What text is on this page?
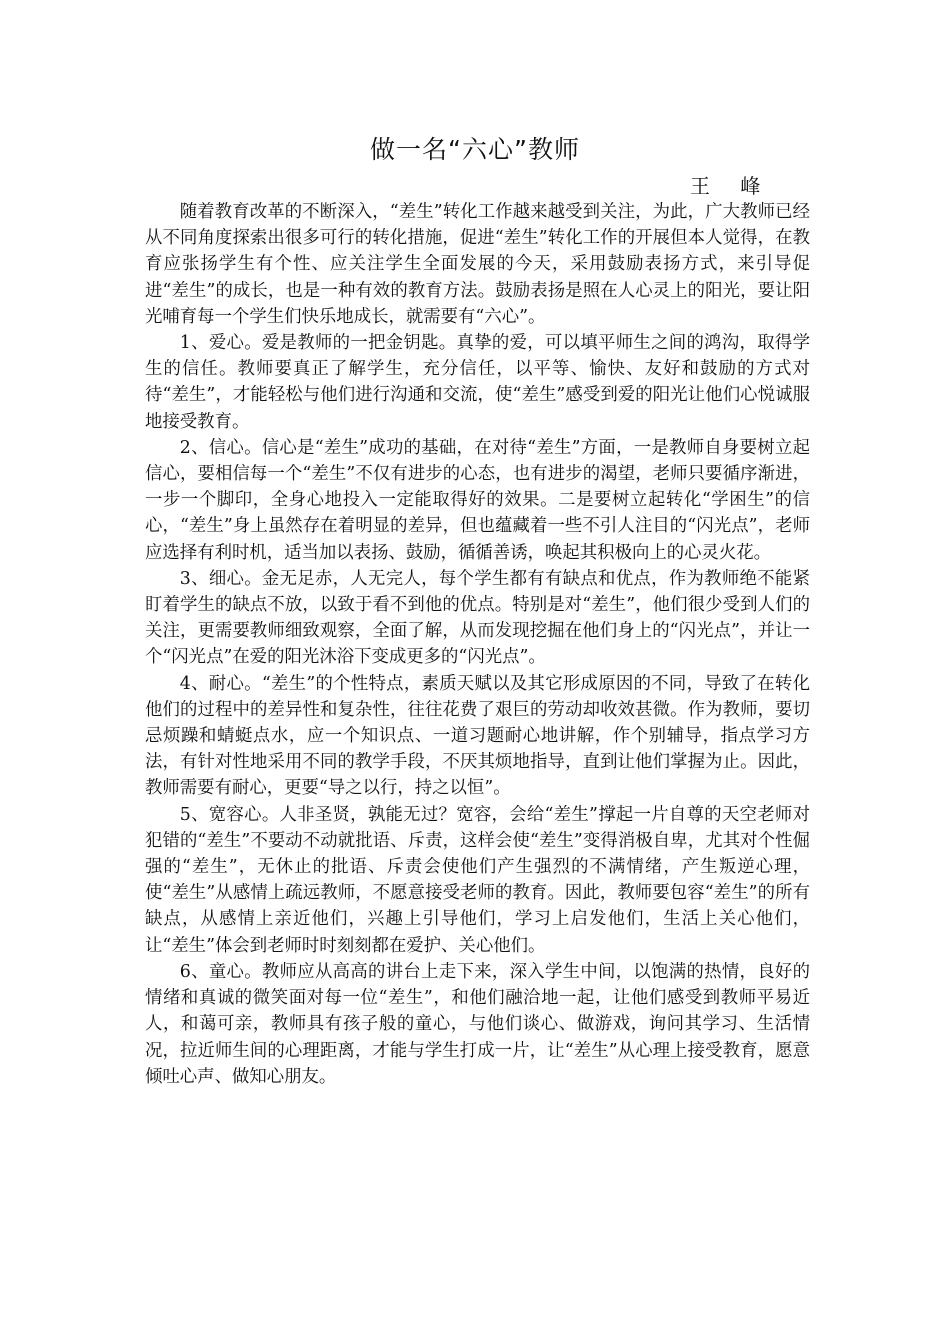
做一名“六心”教师
王 峰

随着教育改革的不断深入，“差生”转化工作越来越受到关注，为此，广大教师已经从不同角度探索出很多可行的转化措施，促进“差生”转化工作的开展但本人觉得，在教育应张扬学生有个性、应关注学生全面发展的今天，采用鼓励表扬方式，来引导促进“差生”的成长，也是一种有效的教育方法。鼓励表扬是照在人心灵上的阳光，要让阳光哺育每一个学生们快乐地成长，就需要有“六心”。

1、爱心。爱是教师的一把金钥匙。真挚的爱，可以填平师生之间的鸿沟，取得学生的信任。教师要真正了解学生，充分信任，以平等、愉快、友好和鼓励的方式对待“差生”，才能轻松与他们进行沟通和交流，使“差生”感受到爱的阳光让他们心悦诚服地接受教育。

2、信心。信心是“差生”成功的基础，在对待“差生”方面，一是教师自身要树立起信心，要相信每一个“差生”不仅有进步的心态，也有进步的渴望，老师只要循序渐进，一步一个脚印，全身心地投入一定能取得好的效果。二是要树立起转化“学困生”的信心，“差生”身上虽然存在着明显的差异，但也蕴藏着一些不引人注目的“闪光点”，老师应选择有利时机，适当加以表扬、鼓励，循循善诱，唤起其积极向上的心灵火花。

3、细心。金无足赤，人无完人，每个学生都有有缺点和优点，作为教师绝不能紧盯着学生的缺点不放，以致于看不到他的优点。特别是对“差生”，他们很少受到人们的关注，更需要教师细致观察，全面了解，从而发现挖掘在他们身上的“闪光点”，并让一个“闪光点”在爱的阳光沐浴下变成更多的“闪光点”。

4、耐心。“差生”的个性特点，素质天赋以及其它形成原因的不同，导致了在转化他们的过程中的差异性和复杂性，往往花费了艰巨的劳动却收效甚微。作为教师，要切忌烦躁和蜻蜓点水，应一个知识点、一道习题耐心地讲解，作个别辅导，指点学习方法，有针对性地采用不同的教学手段，不厌其烦地指导，直到让他们掌握为止。因此，教师需要有耐心，更要“导之以行，持之以恒”。

5、宽容心。人非圣贤，孰能无过？宽容，会给“差生”撑起一片自尊的天空老师对犯错的“差生”不要动不动就批语、斥责，这样会使“差生”变得消极自卑，尤其对个性倔强的“差生”，无休止的批语、斥责会使他们产生强烈的不满情绪，产生叛逆心理，使“差生”从感情上疏远教师，不愿意接受老师的教育。因此，教师要包容“差生”的所有缺点，从感情上亲近他们，兴趣上引导他们，学习上启发他们，生活上关心他们，让“差生”体会到老师时时刻刻都在爱护、关心他们。

6、童心。教师应从高高的讲台上走下来，深入学生中间，以饱满的热情，良好的情绪和真诚的微笑面对每一位“差生”，和他们融洽地一起，让他们感受到教师平易近人，和蔼可亲，教师具有孩子般的童心，与他们谈心、做游戏，询问其学习、生活情况，拉近师生间的心理距离，才能与学生打成一片，让“差生”从心理上接受教育，愿意倾吐心声、做知心朋友。
